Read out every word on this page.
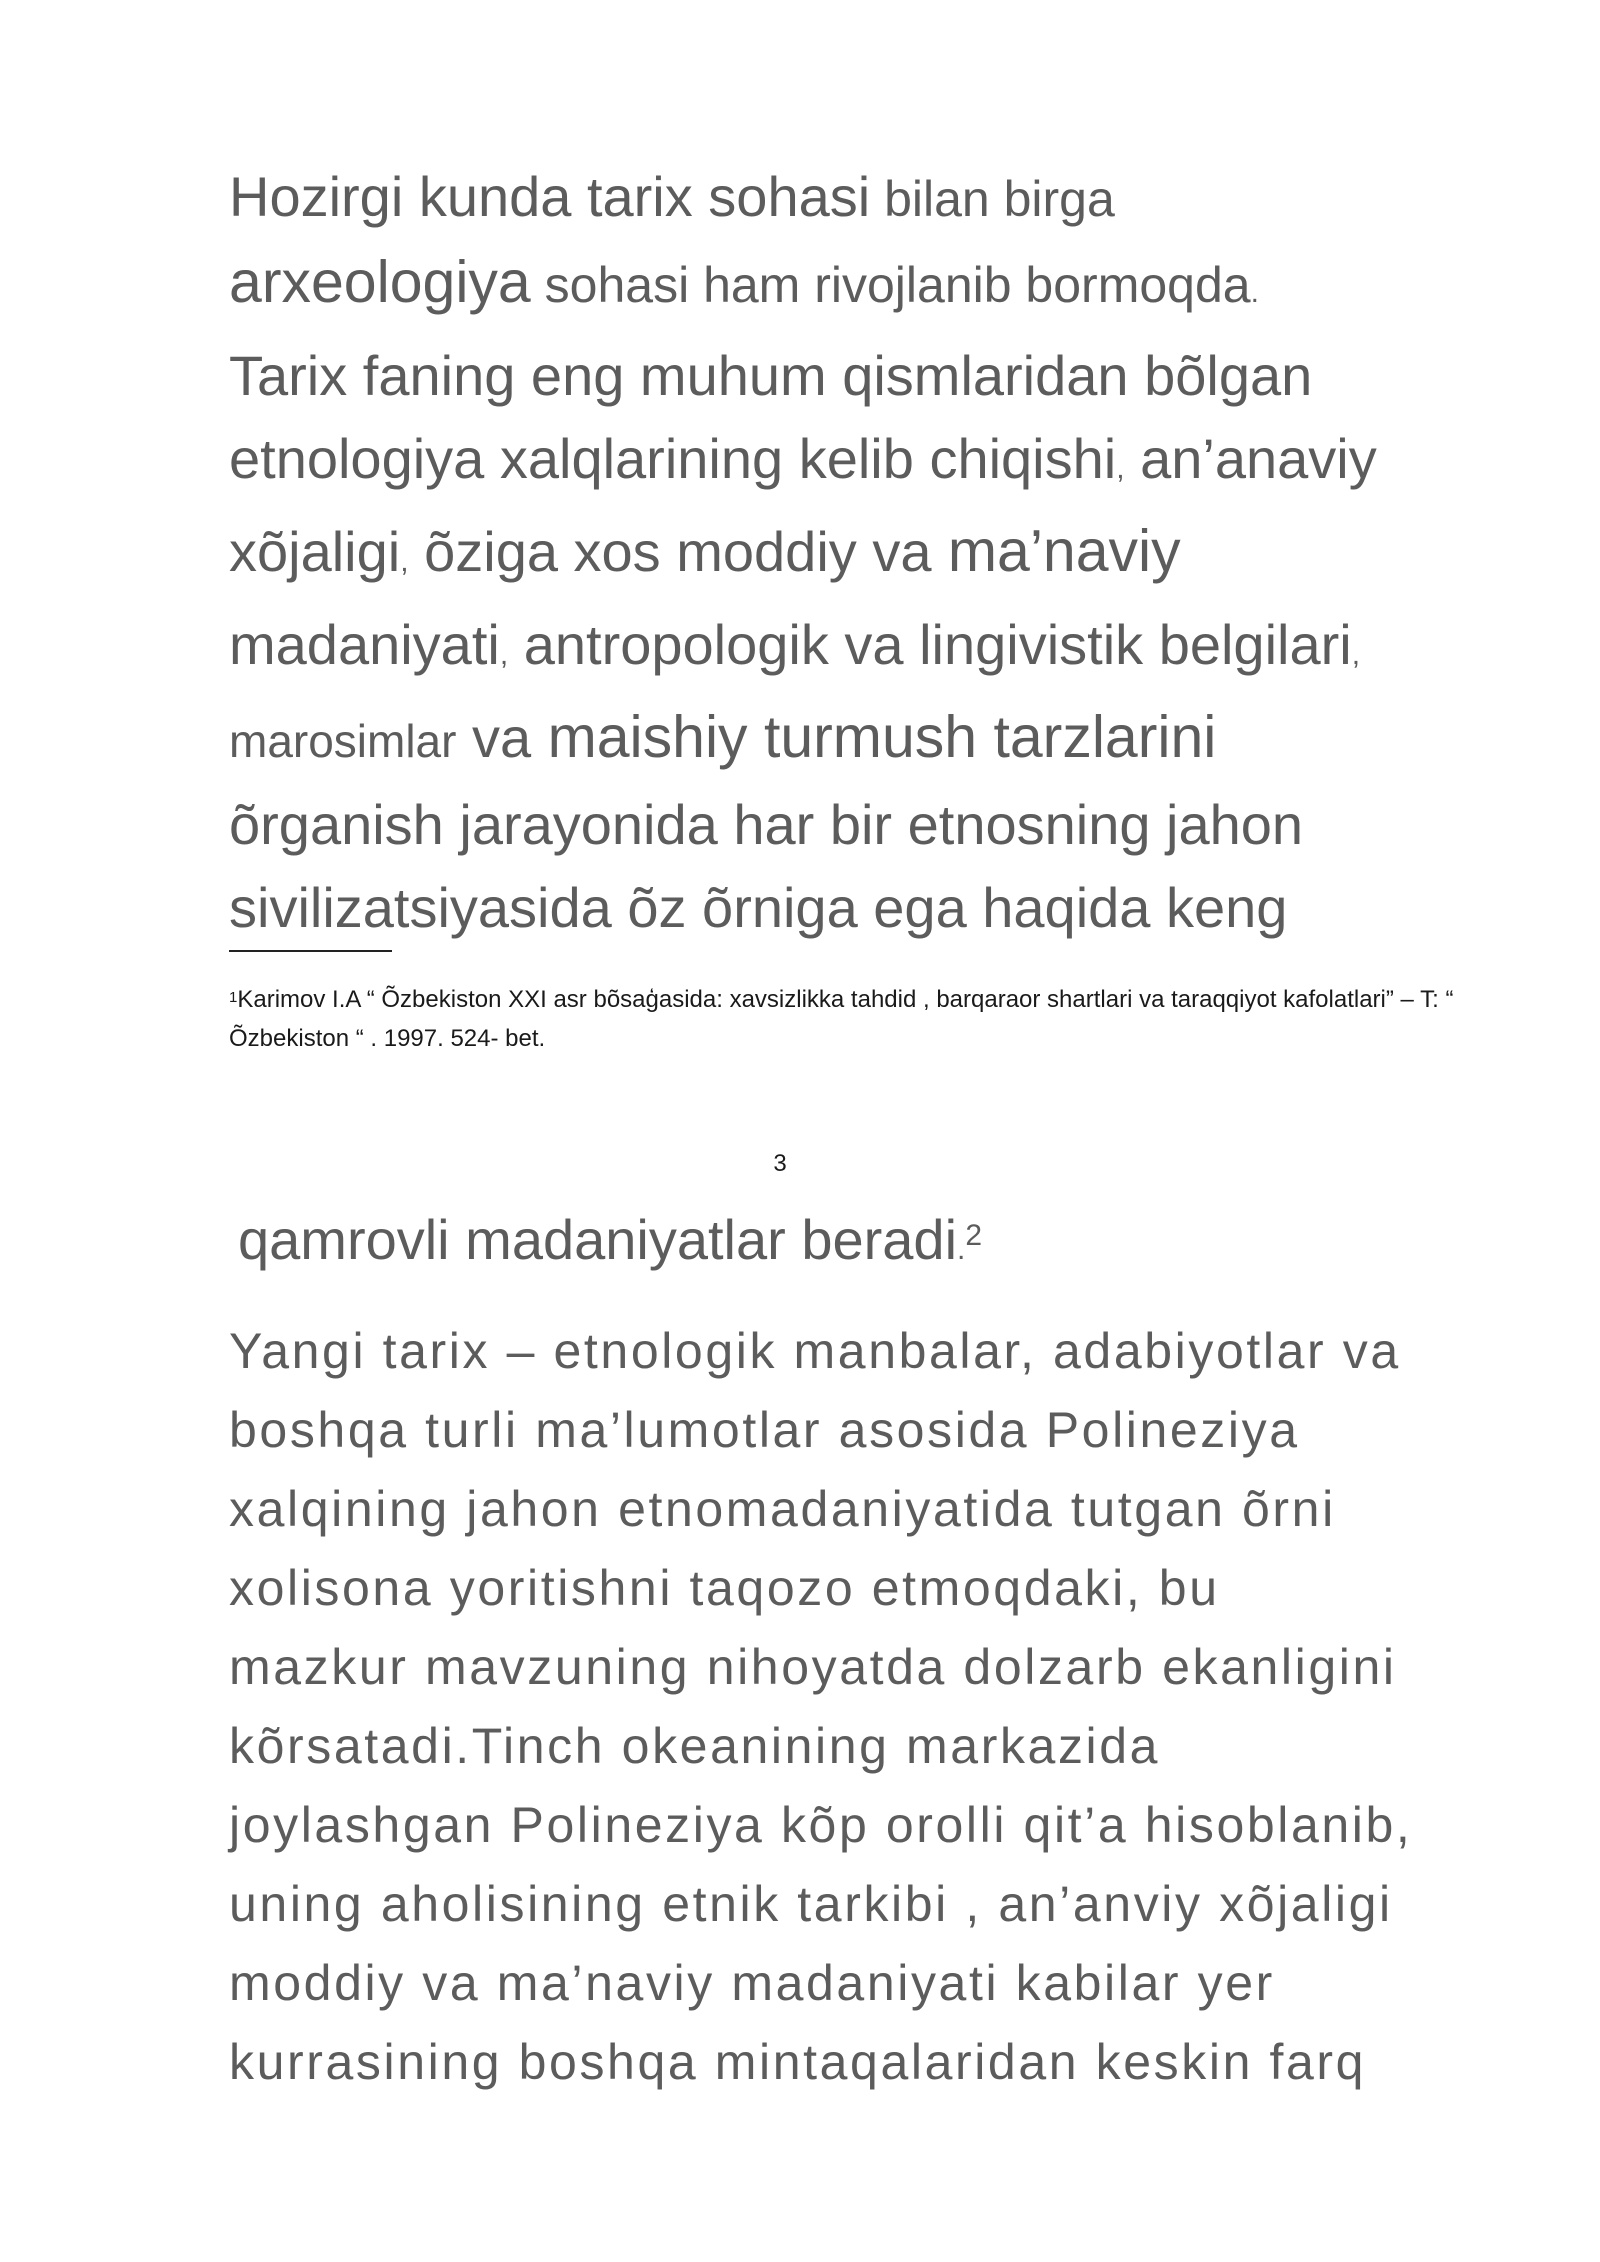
Hozirgi kunda tarix sohasi bilan birga
arxeologiya sohasi ham rivojlanib bormoqda.
Tarix faning eng muhum qismlaridan bõlgan
etnologiya xalqlarining kelib chiqishi, an’anaviy
xõjaligi, õziga xos moddiy va ma’naviy
madaniyati, antropologik va lingivistik belgilari,
marosimlar va maishiy turmush tarzlarini
õrganish jarayonida har bir etnosning jahon
sivilizatsiyasida õz õrniga ega haqida keng

$^1$Karimov I.A “ Õzbekiston XXI asr bõsaģasida: xavsizlikka tahdid , barqaraor shartlari va taraqqiyot kafolatlari” – T: “ Õzbekiston “ . 1997. 524- bet.

3

qamrovli madaniyatlar beradi.$^2$

Yangi tarix – etnologik manbalar, adabiyotlar va
boshqa turli ma’lumotlar asosida Polineziya
xalqining jahon etnomadaniyatida tutgan õrni
xolisona yoritishni taqozo etmoqdaki, bu
mazkur mavzuning nihoyatda dolzarb ekanligini
kõrsatadi.Tinch okeanining markazida
joylashgan Polineziya kõp orolli qit’a hisoblanib,
uning aholisining etnik tarkibi , an’anviy xõjaligi
moddiy va ma’naviy madaniyati kabilar yer
kurrasining boshqa mintaqalaridan keskin farq
